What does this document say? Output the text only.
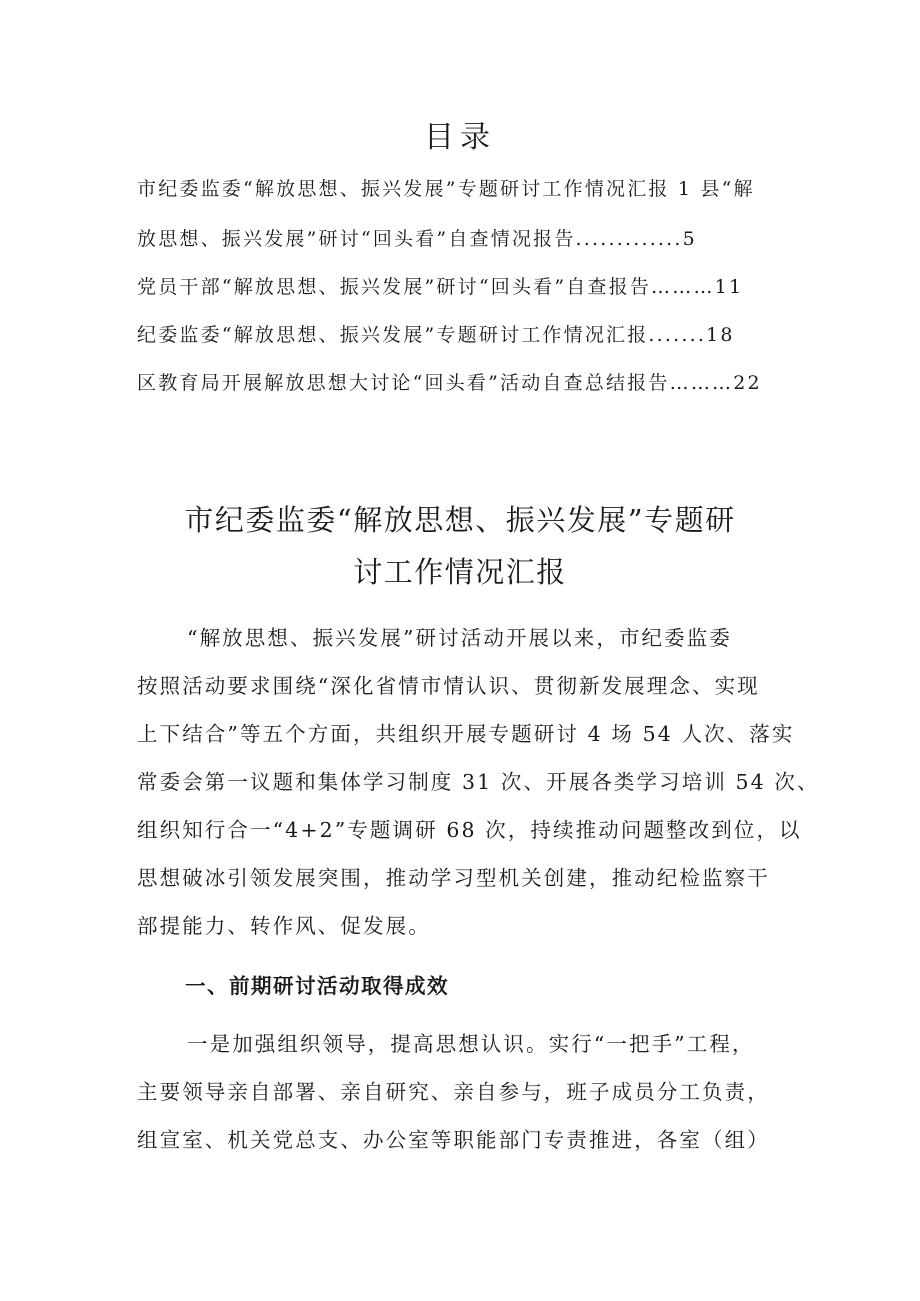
目录
市纪委监委“解放思想、振兴发展”专题研讨工作情况汇报 1 县“解
放思想、振兴发展”研讨“回头看”自查情况报告.............5
党员干部“解放思想、振兴发展”研讨“回头看”自查报告………11
纪委监委“解放思想、振兴发展”专题研讨工作情况汇报.......18
区教育局开展解放思想大讨论“回头看”活动自查总结报告………22
市纪委监委“解放思想、振兴发展”专题研
讨工作情况汇报
“解放思想、振兴发展”研讨活动开展以来，市纪委监委
按照活动要求围绕“深化省情市情认识、贯彻新发展理念、实现
上下结合”等五个方面，共组织开展专题研讨 4 场 54 人次、落实
常委会第一议题和集体学习制度 31 次、开展各类学习培训 54 次、
组织知行合一“4+2”专题调研 68 次，持续推动问题整改到位，以
思想破冰引领发展突围，推动学习型机关创建，推动纪检监察干
部提能力、转作风、促发展。
一、前期研讨活动取得成效
一是加强组织领导，提高思想认识。实行“一把手”工程，
主要领导亲自部署、亲自研究、亲自参与，班子成员分工负责，
组宣室、机关党总支、办公室等职能部门专责推进，各室（组）
